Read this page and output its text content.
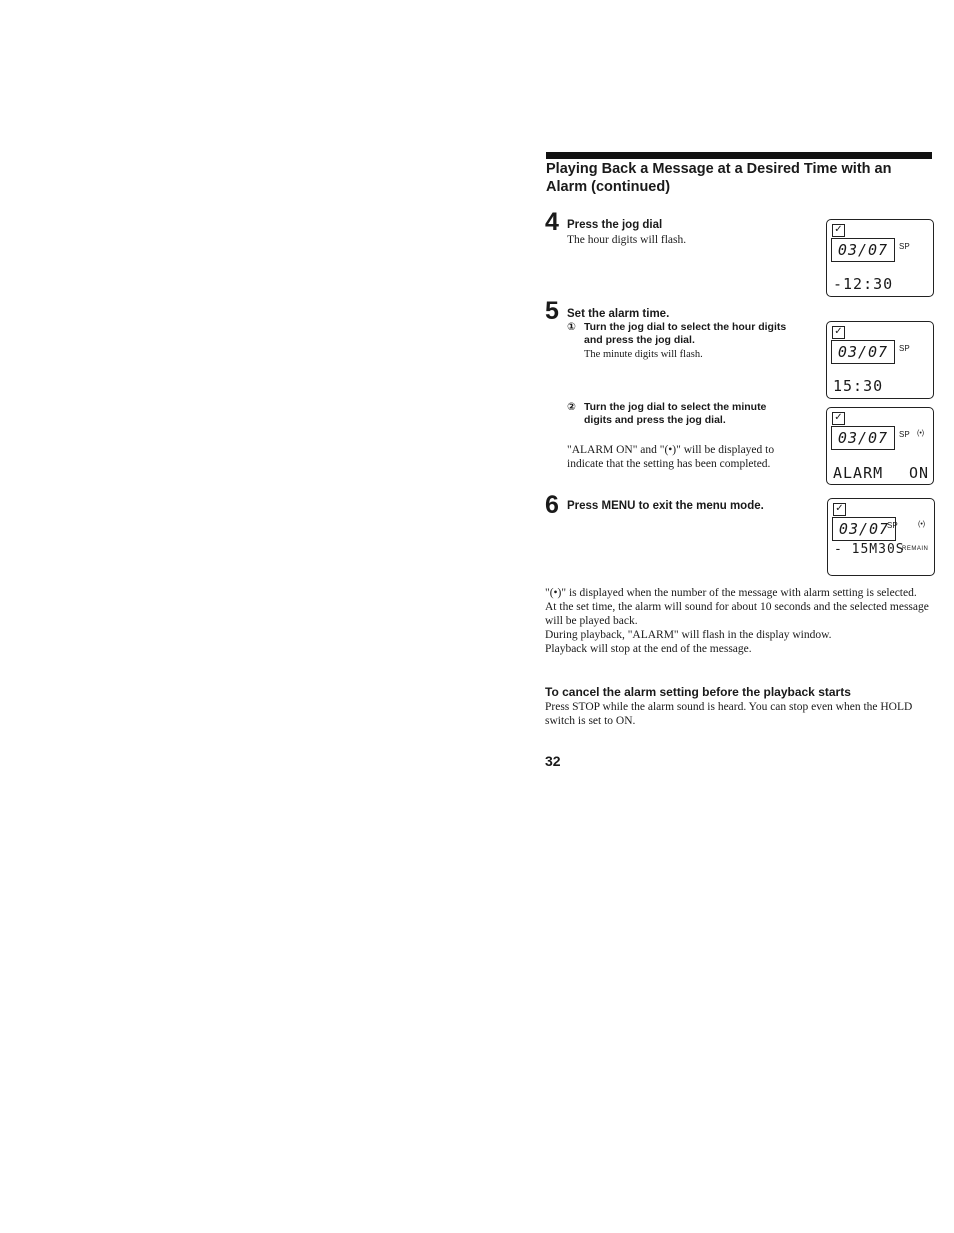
Playing Back a Message at a Desired Time with an Alarm (continued)
4 Press the jog dial
The hour digits will flash.
5 Set the alarm time.
① Turn the jog dial to select the hour digits and press the jog dial.
The minute digits will flash.
② Turn the jog dial to select the minute digits and press the jog dial.
"ALARM ON" and "(•)" will be displayed to indicate that the setting has been completed.
6 Press MENU to exit the menu mode.
✓
03/07	SP
-12:30
✓
03/07	SP
15:30
✓
03/07	SP (•)
ALARM ON
✓
03/07
SP	(•)
- 15M30S
REMAIN
"(•)" is displayed when the number of the message with alarm setting is selected.
At the set time, the alarm will sound for about 10 seconds and the selected message will be played back.
During playback, "ALARM" will flash in the display window.
Playback will stop at the end of the message.
To cancel the alarm setting before the playback starts
Press STOP while the alarm sound is heard. You can stop even when the HOLD switch is set to ON.
32
